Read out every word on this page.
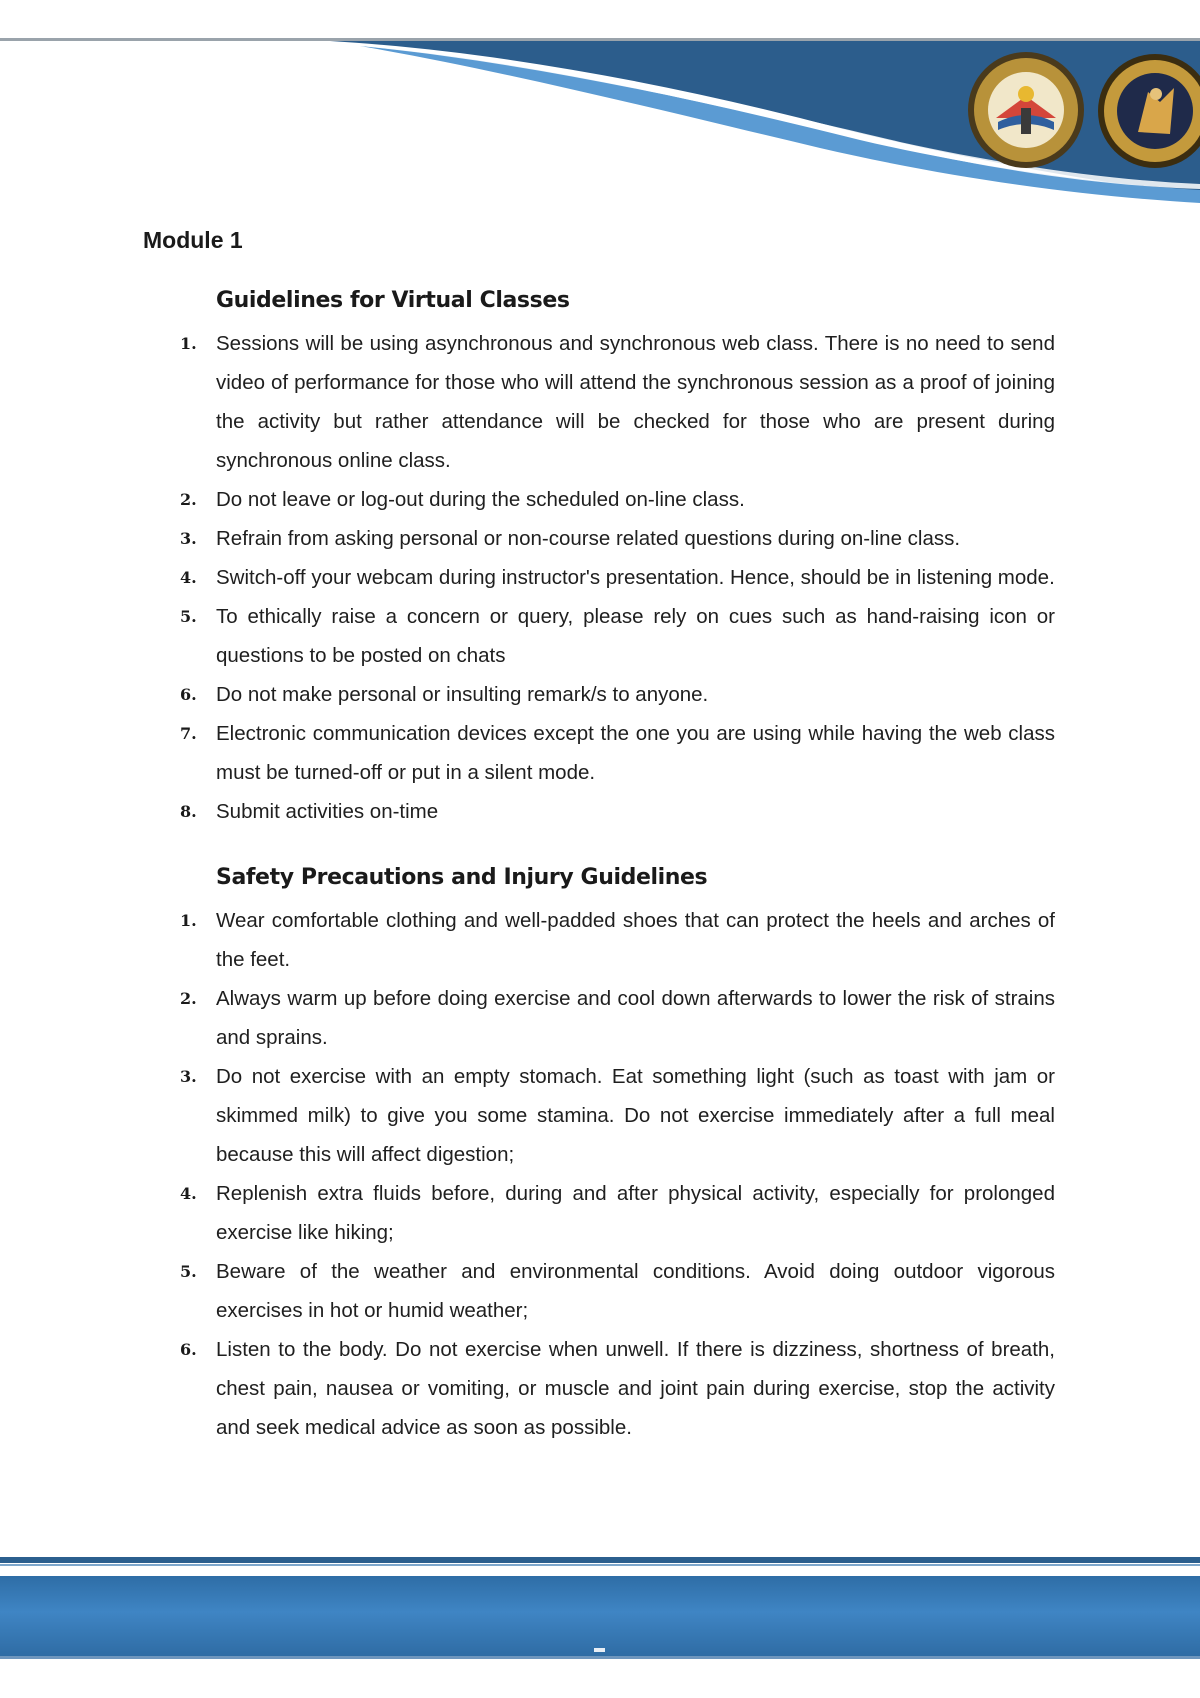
Module 1
Guidelines for Virtual Classes
1. Sessions will be using asynchronous and synchronous web class. There is no need to send video of performance for those who will attend the synchronous session as a proof of joining the activity but rather attendance will be checked for those who are present during synchronous online class.
2. Do not leave or log-out during the scheduled on-line class.
3. Refrain from asking personal or non-course related questions during on-line class.
4. Switch-off your webcam during instructor's presentation. Hence, should be in listening mode.
5. To ethically raise a concern or query, please rely on cues such as hand-raising icon or questions to be posted on chats
6. Do not make personal or insulting remark/s to anyone.
7. Electronic communication devices except the one you are using while having the web class must be turned-off or put in a silent mode.
8. Submit activities on-time
Safety Precautions and Injury Guidelines
1. Wear comfortable clothing and well-padded shoes that can protect the heels and arches of the feet.
2. Always warm up before doing exercise and cool down afterwards to lower the risk of strains and sprains.
3. Do not exercise with an empty stomach. Eat something light (such as toast with jam or skimmed milk) to give you some stamina. Do not exercise immediately after a full meal because this will affect digestion;
4. Replenish extra fluids before, during and after physical activity, especially for prolonged exercise like hiking;
5. Beware of the weather and environmental conditions. Avoid doing outdoor vigorous exercises in hot or humid weather;
6. Listen to the body. Do not exercise when unwell. If there is dizziness, shortness of breath, chest pain, nausea or vomiting, or muscle and joint pain during exercise, stop the activity and seek medical advice as soon as possible.
